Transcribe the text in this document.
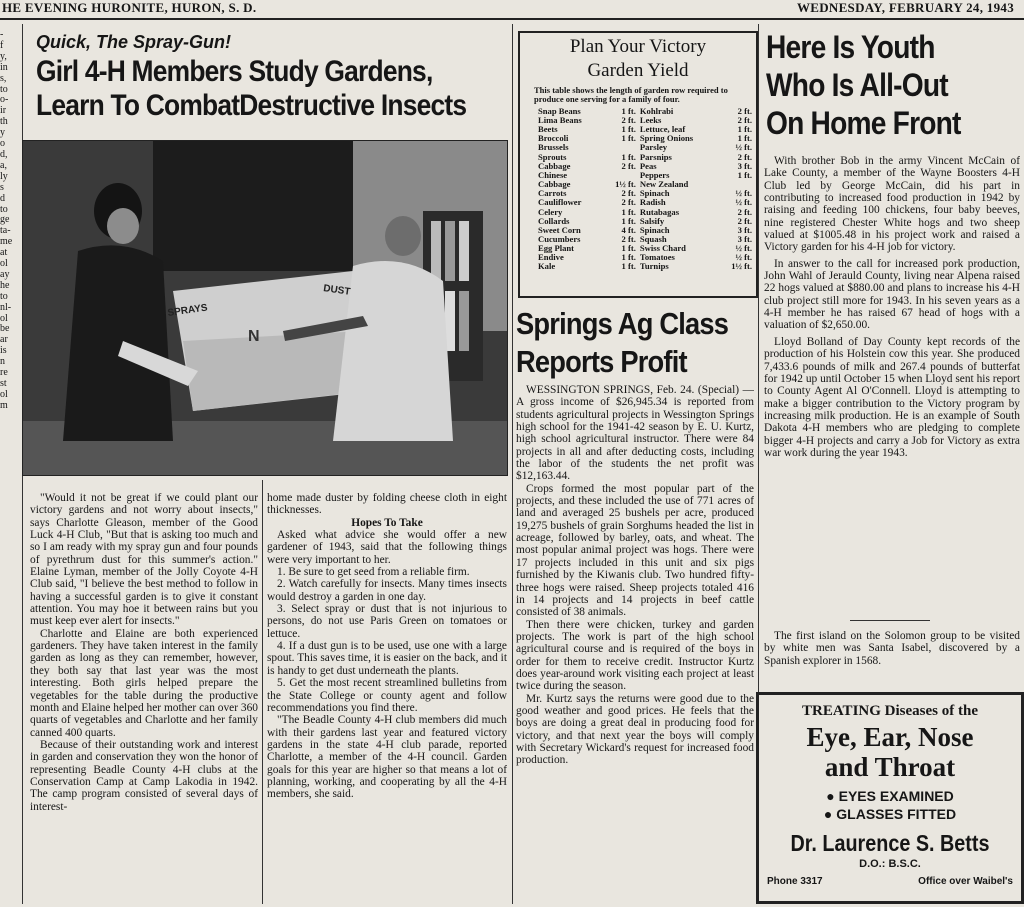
HE EVENING HURONITE, HURON, S. D.	WEDNESDAY, FEBRUARY 24, 1943
-
f
y,
in
s,
to
o-
ir
th
y
o
d,
a,
ly
s
d
to
ge
ta-
me
at
ol
ay
he
to
nl-
ol
be
ar
is
n
re
st
ol
m
Quick, The Spray-Gun!
Girl 4-H Members Study Gardens,
Learn To CombatDestructive Insects
SPRAYS
DUST
N

"Would it not be great if we could plant our victory gardens and not worry about insects," says Charlotte Gleason, member of the Good Luck 4-H Club, "But that is asking too much and so I am ready with my spray gun and four pounds of pyrethrum dust for this summer's action." Elaine Lyman, member of the Jolly Coyote 4-H Club said, "I believe the best method to follow in having a successful garden is to give it constant attention. You may hoe it between rains but you must keep ever alert for insects."

Charlotte and Elaine are both experienced gardeners. They have taken interest in the family garden as long as they can remember, however, they both say that last year was the most interesting. Both girls helped prepare the vegetables for the table during the productive month and Elaine helped her mother can over 360 quarts of vegetables and Charlotte and her family canned 400 quarts.

Because of their outstanding work and interest in garden and conservation they won the honor of representing Beadle County 4-H clubs at the Conservation Camp at Camp Lakodia in 1942. The camp program consisted of several days of interest-

home made duster by folding cheese cloth in eight thicknesses.

Hopes To Take

Asked what advice she would offer a new gardener of 1943, said that the following things were very important to her.

1. Be sure to get seed from a reliable firm.

2. Watch carefully for insects. Many times insects would destroy a garden in one day.

3. Select spray or dust that is not injurious to persons, do not use Paris Green on tomatoes or lettuce.

4. If a dust gun is to be used, use one with a large spout. This saves time, it is easier on the back, and it is handy to get dust underneath the plants.

5. Get the most recent streamlined bulletins from the State College or county agent and follow recommendations you find there.

"The Beadle County 4-H club members did much with their gardens last year and featured victory gardens in the state 4-H club parade, reported Charlotte, a member of the 4-H council. Garden goals for this year are higher so that means a lot of planning, working, and cooperating by all the 4-H members, she said.

Plan Your Victory
Garden Yield
This table shows the length of garden row required to produce one serving for a family of four.
Snap Beans	1 ft.	Kohlrabi	2 ft.
Lima Beans	2 ft.	Leeks	2 ft.
Beets	1 ft.	Lettuce, leaf	1 ft.
Broccoli	1 ft.	Spring Onions	1 ft.
Brussels		Parsley	½ ft.
Sprouts	1 ft.	Parsnips	2 ft.
Cabbage	2 ft.	Peas	3 ft.
Chinese		Peppers	1 ft.
Cabbage	1½ ft.	New Zealand	
Carrots	2 ft.	Spinach	½ ft.
Cauliflower	2 ft.	Radish	½ ft.
Celery	1 ft.	Rutabagas	2 ft.
Collards	1 ft.	Salsify	2 ft.
Sweet Corn	4 ft.	Spinach	3 ft.
Cucumbers	2 ft.	Squash	3 ft.
Egg Plant	1 ft.	Swiss Chard	½ ft.
Endive	1 ft.	Tomatoes	½ ft.
Kale	1 ft.	Turnips	1½ ft.
Springs Ag Class
Reports Profit

WESSINGTON SPRINGS, Feb. 24. (Special) — A gross income of $26,945.34 is reported from students agricultural projects in Wessington Springs high school for the 1941-42 season by E. U. Kurtz, high school agricultural instructor. There were 84 projects in all and after deducting costs, including the labor of the students the net profit was $12,163.44.

Crops formed the most popular part of the projects, and these included the use of 771 acres of land and averaged 25 bushels per acre, produced 19,275 bushels of grain Sorghums headed the list in acreage, followed by barley, oats, and wheat. The most popular animal project was hogs. There were 17 projects included in this unit and six pigs furnished by the Kiwanis club. Two hundred fifty-three hogs were raised. Sheep projects totaled 416 in 14 projects and 14 projects in beef cattle consisted of 38 animals.

Then there were chicken, turkey and garden projects. The work is part of the high school agricultural course and is required of the boys in order for them to receive credit. Instructor Kurtz does year-around work visiting each project at least twice during the season.

Mr. Kurtz says the returns were good due to the good weather and good prices. He feels that the boys are doing a great deal in producing food for victory, and that next year the boys will comply with Secretary Wickard's request for increased food production.

Here Is Youth
Who Is All-Out
On Home Front

With brother Bob in the army Vincent McCain of Lake County, a member of the Wayne Boosters 4-H Club led by George McCain, did his part in contributing to increased food production in 1942 by raising and feeding 100 chickens, four baby beeves, nine registered Chester White hogs and two sheep valued at $1005.48 in his project work and raised a Victory garden for his 4-H job for victory.

In answer to the call for increased pork production, John Wahl of Jerauld County, living near Alpena raised 22 hogs valued at $880.00 and plans to increase his 4-H club project still more for 1943. In his seven years as a 4-H member he has raised 67 head of hogs with a valuation of $2,650.00.

Lloyd Bolland of Day County kept records of the production of his Holstein cow this year. She produced 7,433.6 pounds of milk and 267.4 pounds of butterfat for 1942 up until October 15 when Lloyd sent his report to County Agent Al O'Connell. Lloyd is attempting to make a bigger contribution to the Victory program by increasing milk production. He is an example of South Dakota 4-H members who are pledging to complete bigger 4-H projects and carry a Job for Victory as extra war work during the year 1943.

The first island on the Solomon group to be visited by white men was Santa Isabel, discovered by a Spanish explorer in 1568.

TREATING Diseases of the
Eye, Ear, Nose
and Throat
● EYES EXAMINED
● GLASSES FITTED
Dr. Laurence S. Betts
D.O.: B.S.C.
Phone 3317	Office over Waibel's
